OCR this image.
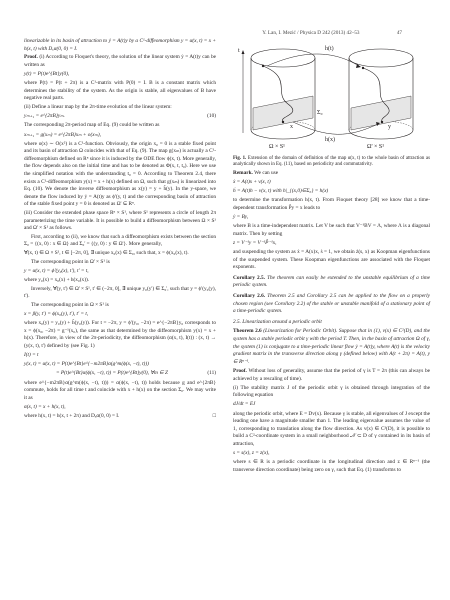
Y. Lan, I. Mezić / Physica D 242 (2013) 42–53	47

linearizable in its basin of attraction to ẏ = A(t)y by a C¹-diffeomorphism y = α(x, t) = x + h(x, t) with Dₓα(0, 0) = I.

Proof. (i) According to Floquet's theory, the solution of the linear system ẏ = A(t)y can be written as

y(t) = P(t)e^{Bt}y(0),

where P(t) = P(t + 2π) is a C¹-matrix with P(0) = I. B is a constant matrix which determines the stability of the system. As the origin is stable, all eigenvalues of B have negative real parts.

(ii) Define a linear map by the 2π-time evolution of the linear system:

yₘ₊₁ = e^{2πB}yₘ.	(10)

The corresponding 2π-period map of Eq. (9) could be written as

xₘ₊₁ = g(xₘ) = e^{2πB}xₘ + o(xₘ),

where o(x) ∼ O(x²) is a C¹-function. Obviously, the origin x₀ = 0 is a stable fixed point and its basin of attraction Ω coincides with that of Eq. (9). The map g(xₘ) is actually a C¹-diffeomorphism defined on Rⁿ since it is induced by the ODE flow ϕ(x, t). More generally, the flow depends also on the initial time and has to be denoted as Φ(x, t, t₀). Here we use the simplified notation with the understanding t₀ = 0. According to Theorem 2.4, there exists a C¹-diffeomorphism y(x) = x + h(x) defined on Ω, such that g(xₘ) is linearized into Eq. (10). We denote the inverse diffeomorphism as x(y) = y + h̃(y). In the y-space, we denote the flow induced by ẏ = A(t)y as ϕ'(y, t) and the corresponding basin of attraction of the stable fixed point y = 0 is denoted as Ω' ⊆ Rⁿ.

(iii) Consider the extended phase space Rⁿ × S¹, where S¹ represents a circle of length 2π parameterizing the time variable. It is possible to build a diffeomorphism between Ω × S¹ and Ω' × S¹ as follows.

First, according to (ii), we know that such a diffeomorphism exists between the section Σ₀ = {(x, 0) : x ∈ Ω} and Σ₀' = {(y, 0) : y ∈ Ω'}. More generally,

∀(x, t) ∈ Ω × S¹, t ∈ [−2π, 0], ∃ unique x₀(x) ∈ Σ₀, such that, x = ϕ(x₀(x), t).

The corresponding point in Ω' × S¹ is

y = α(x, t) = ϕ'(y₀(x), t'), t' = t,

where y₀(x) = x₀(x) + h(x₀(x)).

Inversely, ∀(y, t') ∈ Ω' × S¹, t' ∈ (−2π, 0], ∃ unique y₀(y') ∈ Σ₀', such that y = ϕ'(y₀(y), t').

The corresponding point in Ω × S¹ is

x = β(y, t') = ϕ(x₀(y), t'), t' = t,

where x₀(y) = y₀(y) + h̃(y₀(y)). For t = −2π, y = ϕ'(y₀, −2π) = e^{−2πB}y₀ corresponds to x = ϕ(x₀, −2π) = g⁻¹(x₀), the same as that determined by the diffeomorphism y(x) = x + h(x). Therefore, in view of the 2π-periodicity, the diffeomorphism (α(x, t), I(t)) : (x, t) → (y(x, t), t') defined by (see Fig. 1)

I(t) = t
y(x, t) = α(x, t) = P(t)e^{Bt}e^{−m2πB}α(g^m(ϕ(x, −t), t)))
= P(t)e^{Bt}α(ϕ(x, −t), t)) = P(t)e^{Bt}y(0), ∀m ∈ Z	(11)

where e^{−m2πB}α(g^m(ϕ(x, −t), t))) = α(ϕ(x, −t), t)) holds because g and e^{2πB} commute, holds for all time t and coincide with x + h(x) on the section Σ₀. We may write it as

α(x, t) = x + h(x, t),

where h(x, t) = h(x, t + 2π) and Dₓα(0, 0) = I.	□

t
Σ₀
x
Ω × S¹
y
Ω' × S¹
h(x)
h(t)

Fig. 1. Extension of the domain of definition of the map α(x, t) to the whole basin of attraction as analytically shown in Eq. (11), based on periodicity and commutativity.

Remark. We can use

ẋ = A(t)x + v(x, t)
ḣ = A(t)h − v(x, t) with h|_{(x,0)∈Σ₀} = h(x)

to determine the transformation h(x, t). From Floquet theory [28] we know that a time-dependent transformation P̃y = x leads to

ẏ = By,

where B is a time-independent matrix. Let V be such that V⁻¹BV = Λ, where Λ is a diagonal matrix. Then by setting

z = V⁻¹y = V⁻¹P̃⁻¹x,

and suspending the system as ẋ = A(x)x, ṡ = 1, we obtain ż(s, x) as Koopman eigenfunctions of the suspended system. These Koopman eigenfunctions are associated with the Floquet exponents.

Corollary 2.5. The theorem can easily be extended to the unstable equilibrium of a time periodic system.

Corollary 2.6. Theorem 2.5 and Corollary 2.5 can be applied to the flow on a properly chosen region (see Corollary 2.2) of the stable or unstable manifold of a stationary point of a time-periodic system.

2.5. Linearization around a periodic orbit

Theorem 2.6 (Linearization for Periodic Orbit). Suppose that in (1), v(x) ∈ C²(D), and the system has a stable periodic orbit γ with the period T. Then, in the basin of attraction Ω of γ, the system (1) is conjugate to a time-periodic linear flow ẏ = A(t)y, where A(t) is the velocity gradient matrix in the transverse direction along γ (defined below) with A(t + 2π) = A(t), y ∈ Rⁿ⁻¹.

Proof. Without loss of generality, assume that the period of γ is T = 2π (this can always be achieved by a rescaling of time).

(i) The stability matrix J of the periodic orbit γ is obtained through integration of the following equation

dJ/dt = EJ

along the periodic orbit, where E = Dv(x). Because γ is stable, all eigenvalues of J except the leading one have a magnitude smaller than 1. The leading eigenvalue assumes the value of 1, corresponding to translation along the flow direction. As v(x) ∈ C²(D), it is possible to build a C²-coordinate system in a small neighborhood 𝒩 ⊂ D of γ contained in its basin of attraction,

s = s(x), z = z(x),

where s ∈ R is a periodic coordinate in the longitudinal direction and z ∈ Rⁿ⁻¹ (the transverse direction coordinate) being zero on γ, such that Eq. (1) transforms to
